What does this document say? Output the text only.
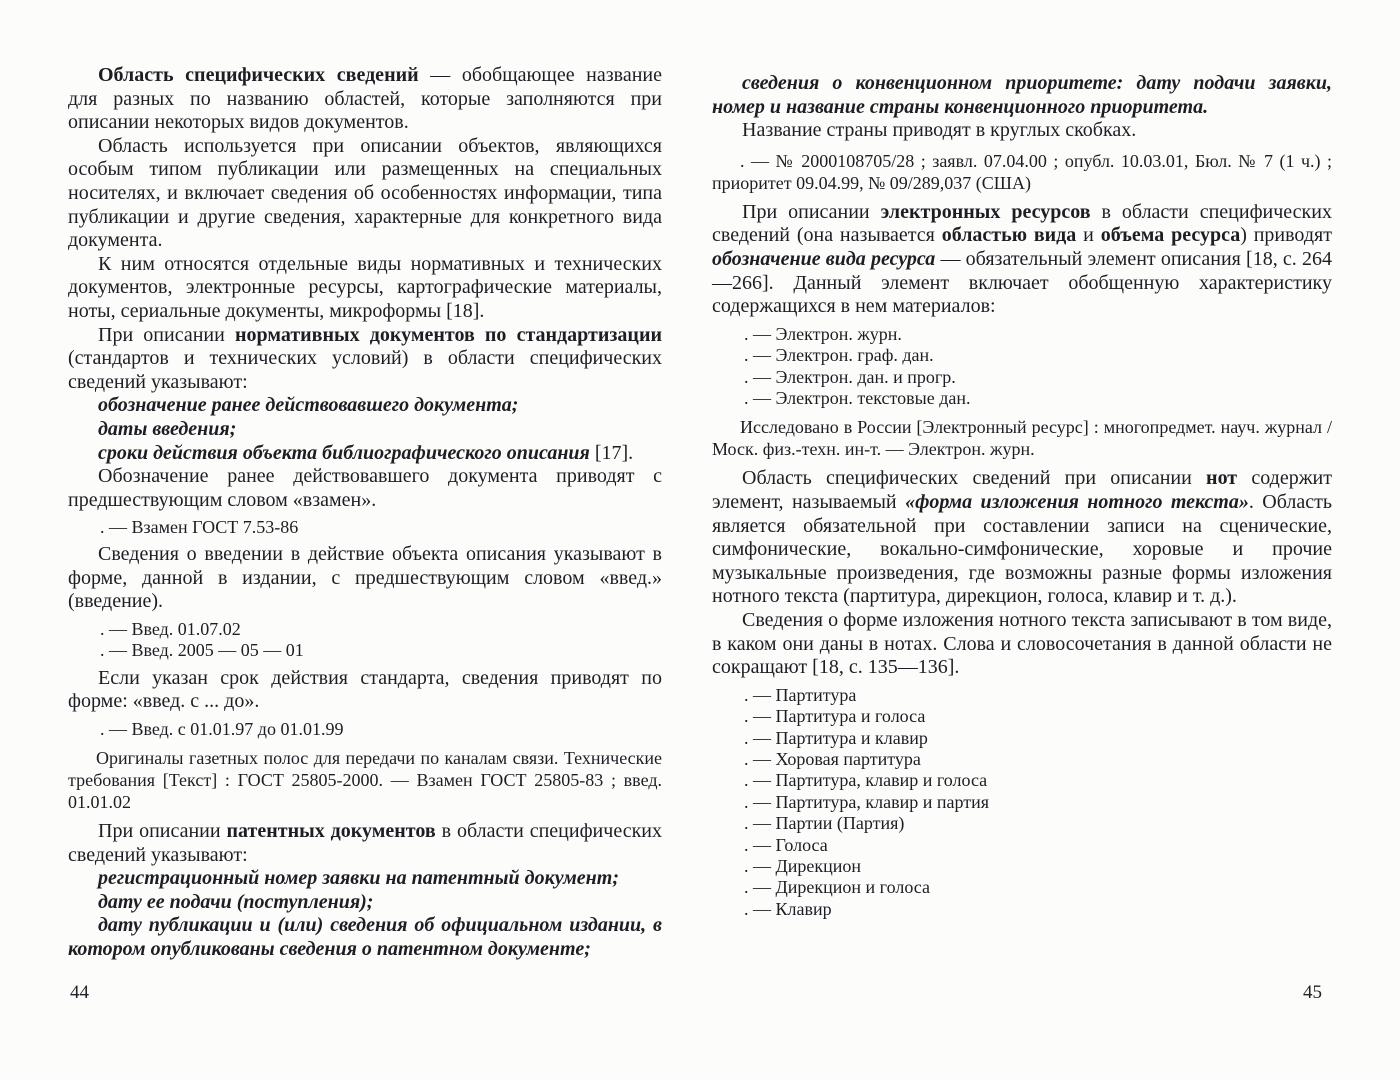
Область специфических сведений — обобщающее название для разных по названию областей, которые заполняются при описании некоторых видов документов.
Область используется при описании объектов, являющихся особым типом публикации или размещенных на специальных носителях, и включает сведения об особенностях информации, типа публикации и другие сведения, характерные для конкретного вида документа.
К ним относятся отдельные виды нормативных и технических документов, электронные ресурсы, картографические материалы, ноты, сериальные документы, микроформы [18].
При описании нормативных документов по стандартизации (стандартов и технических условий) в области специфических сведений указывают:
обозначение ранее действовавшего документа;
даты введения;
сроки действия объекта библиографического описания [17].
Обозначение ранее действовавшего документа приводят с предшествующим словом «взамен».
. — Взамен ГОСТ 7.53-86
Сведения о введении в действие объекта описания указывают в форме, данной в издании, с предшествующим словом «введ.» (введение).
. — Введ. 01.07.02
. — Введ. 2005 — 05 — 01
Если указан срок действия стандарта, сведения приводят по форме: «введ. с ... до».
. — Введ. с 01.01.97 до 01.01.99
Оригиналы газетных полос для передачи по каналам связи. Технические требования [Текст] : ГОСТ 25805-2000. — Взамен ГОСТ 25805-83 ; введ. 01.01.02
При описании патентных документов в области специфических сведений указывают:
регистрационный номер заявки на патентный документ;
дату ее подачи (поступления);
дату публикации и (или) сведения об официальном издании, в котором опубликованы сведения о патентном документе;
сведения о конвенционном приоритете: дату подачи заявки, номер и название страны конвенционного приоритета.
Название страны приводят в круглых скобках.
. — № 2000108705/28 ; заявл. 07.04.00 ; опубл. 10.03.01, Бюл. № 7 (1 ч.) ; приоритет 09.04.99, № 09/289,037 (США)
При описании электронных ресурсов в области специфических сведений (она называется областью вида и объема ресурса) приводят обозначение вида ресурса — обязательный элемент описания [18, с. 264—266]. Данный элемент включает обобщенную характеристику содержащихся в нем материалов:
. — Электрон. журн.
. — Электрон. граф. дан.
. — Электрон. дан. и прогр.
. — Электрон. текстовые дан.
Исследовано в России [Электронный ресурс] : многопредмет. науч. журнал / Моск. физ.-техн. ин-т. — Электрон. журн.
Область специфических сведений при описании нот содержит элемент, называемый «форма изложения нотного текста». Область является обязательной при составлении записи на сценические, симфонические, вокально-симфонические, хоровые и прочие музыкальные произведения, где возможны разные формы изложения нотного текста (партитура, дирекцион, голоса, клавир и т. д.).
Сведения о форме изложения нотного текста записывают в том виде, в каком они даны в нотах. Слова и словосочетания в данной области не сокращают [18, с. 135—136].
. — Партитура
. — Партитура и голоса
. — Партитура и клавир
. — Хоровая партитура
. — Партитура, клавир и голоса
. — Партитура, клавир и партия
. — Партии (Партия)
. — Голоса
. — Дирекцион
. — Дирекцион и голоса
. — Клавир
44	45
